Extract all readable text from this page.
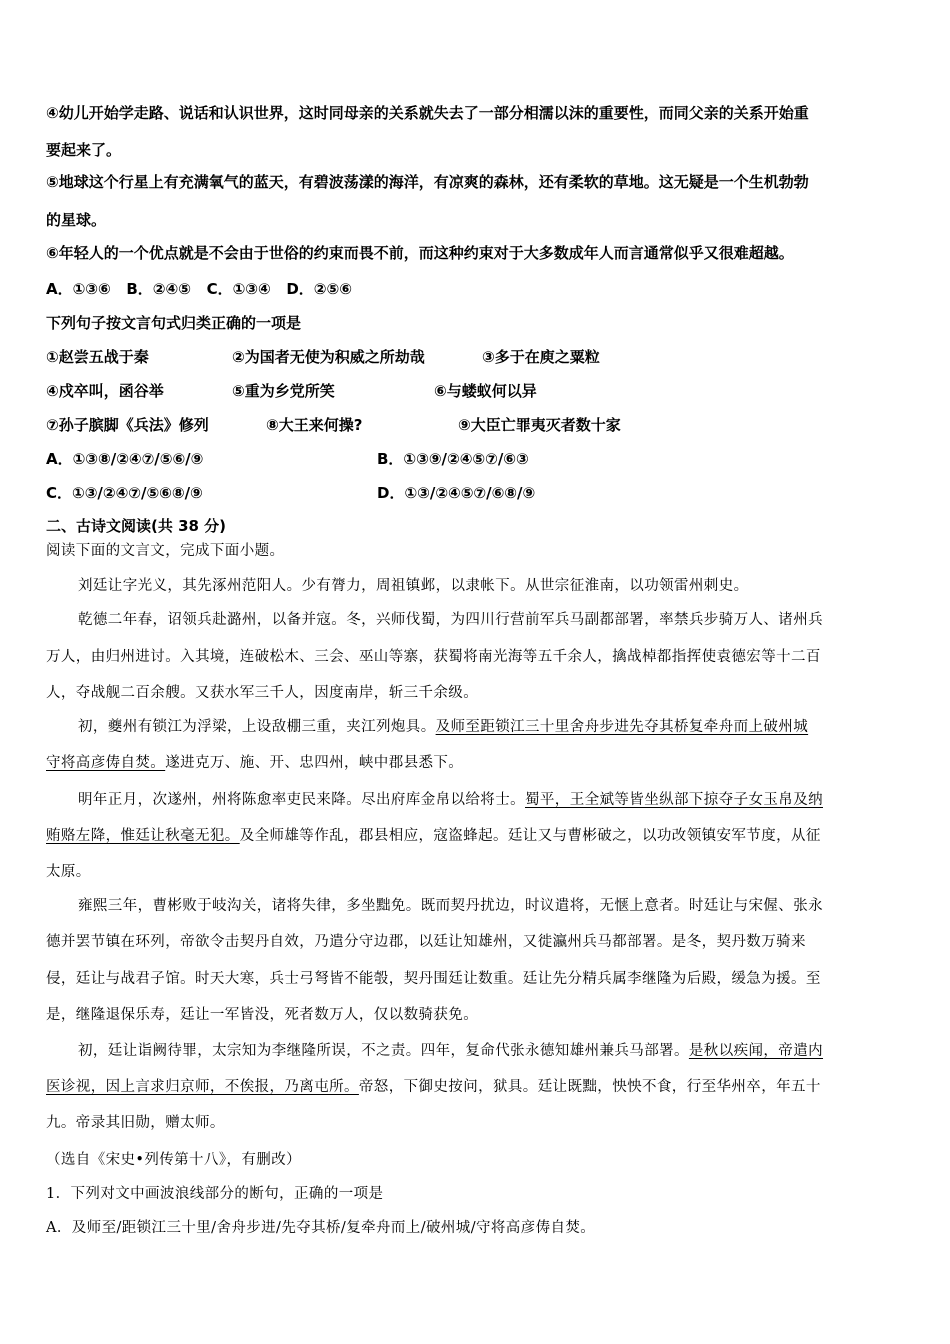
④幼儿开始学走路、说话和认识世界，这时同母亲的关系就失去了一部分相濡以沫的重要性，而同父亲的关系开始重
要起来了。
⑤地球这个行星上有充满氧气的蓝天，有碧波荡漾的海洋，有凉爽的森林，还有柔软的草地。这无疑是一个生机勃勃
的星球。
⑥年轻人的一个优点就是不会由于世俗的约束而畏不前，而这种约束对于大多数成年人而言通常似乎又很难超越。
A．①③⑥   B．②④⑤   C．①③④   D．②⑤⑥
下列句子按文言句式归类正确的一项是
①赵尝五战于秦	②为国者无使为积威之所劫哉	③多于在庾之粟粒
④戍卒叫，函谷举	⑤重为乡党所笑	⑥与蝼蚁何以异
⑦孙子膑脚《兵法》修列	⑧大王来何操?	⑨大臣亡罪夷灭者数十家
A．①③⑧/②④⑦/⑤⑥/⑨	B．①③⑨/②④⑤⑦/⑥③
C．①③/②④⑦/⑤⑥⑧/⑨	D．①③/②④⑤⑦/⑥⑧/⑨
二、古诗文阅读(共 38 分)
阅读下面的文言文，完成下面小题。
刘廷让字光义，其先涿州范阳人。少有膂力，周祖镇邺，以隶帐下。从世宗征淮南，以功领雷州刺史。
乾德二年春，诏领兵赴潞州，以备并寇。冬，兴师伐蜀，为四川行营前军兵马副都部署，率禁兵步骑万人、诸州兵
万人，由归州进讨。入其境，连破松木、三会、巫山等寨，获蜀将南光海等五千余人，擒战棹都指挥使袁德宏等十二百
人，夺战舰二百余艘。又获水军三千人，因度南岸，斩三千余级。
初，夔州有锁江为浮梁，上设敌棚三重，夹江列炮具。及师至距锁江三十里舍舟步进先夺其桥复牵舟而上破州城
守将高彦俦自焚。遂进克万、施、开、忠四州，峡中郡县悉下。
明年正月，次遂州，州将陈愈率吏民来降。尽出府库金帛以给将士。蜀平，王全斌等皆坐纵部下掠夺子女玉帛及纳
贿赂左降，惟廷让秋毫无犯。及全师雄等作乱，郡县相应，寇盗蜂起。廷让又与曹彬破之，以功改领镇安军节度，从征
太原。
雍熙三年，曹彬败于岐沟关，诸将失律，多坐黜免。既而契丹扰边，时议遣将，无惬上意者。时廷让与宋偓、张永
德并罢节镇在环列，帝欲令击契丹自效，乃遣分守边郡，以廷让知雄州，又徙瀛州兵马都部署。是冬，契丹数万骑来
侵，廷让与战君子馆。时天大寒，兵士弓弩皆不能彀，契丹围廷让数重。廷让先分精兵属李继隆为后殿，缓急为援。至
是，继隆退保乐寿，廷让一军皆没，死者数万人，仅以数骑获免。
初，廷让诣阙待罪，太宗知为李继隆所误，不之责。四年，复命代张永德知雄州兼兵马部署。是秋以疾闻，帝遣内
医诊视，因上言求归京师，不俟报，乃离屯所。帝怒，下御史按问，狱具。廷让既黜，怏怏不食，行至华州卒，年五十
九。帝录其旧勋，赠太师。
（选自《宋史•列传第十八》，有删改）
1．下列对文中画波浪线部分的断句，正确的一项是
A．及师至/距锁江三十里/舍舟步进/先夺其桥/复牵舟而上/破州城/守将高彦俦自焚。
